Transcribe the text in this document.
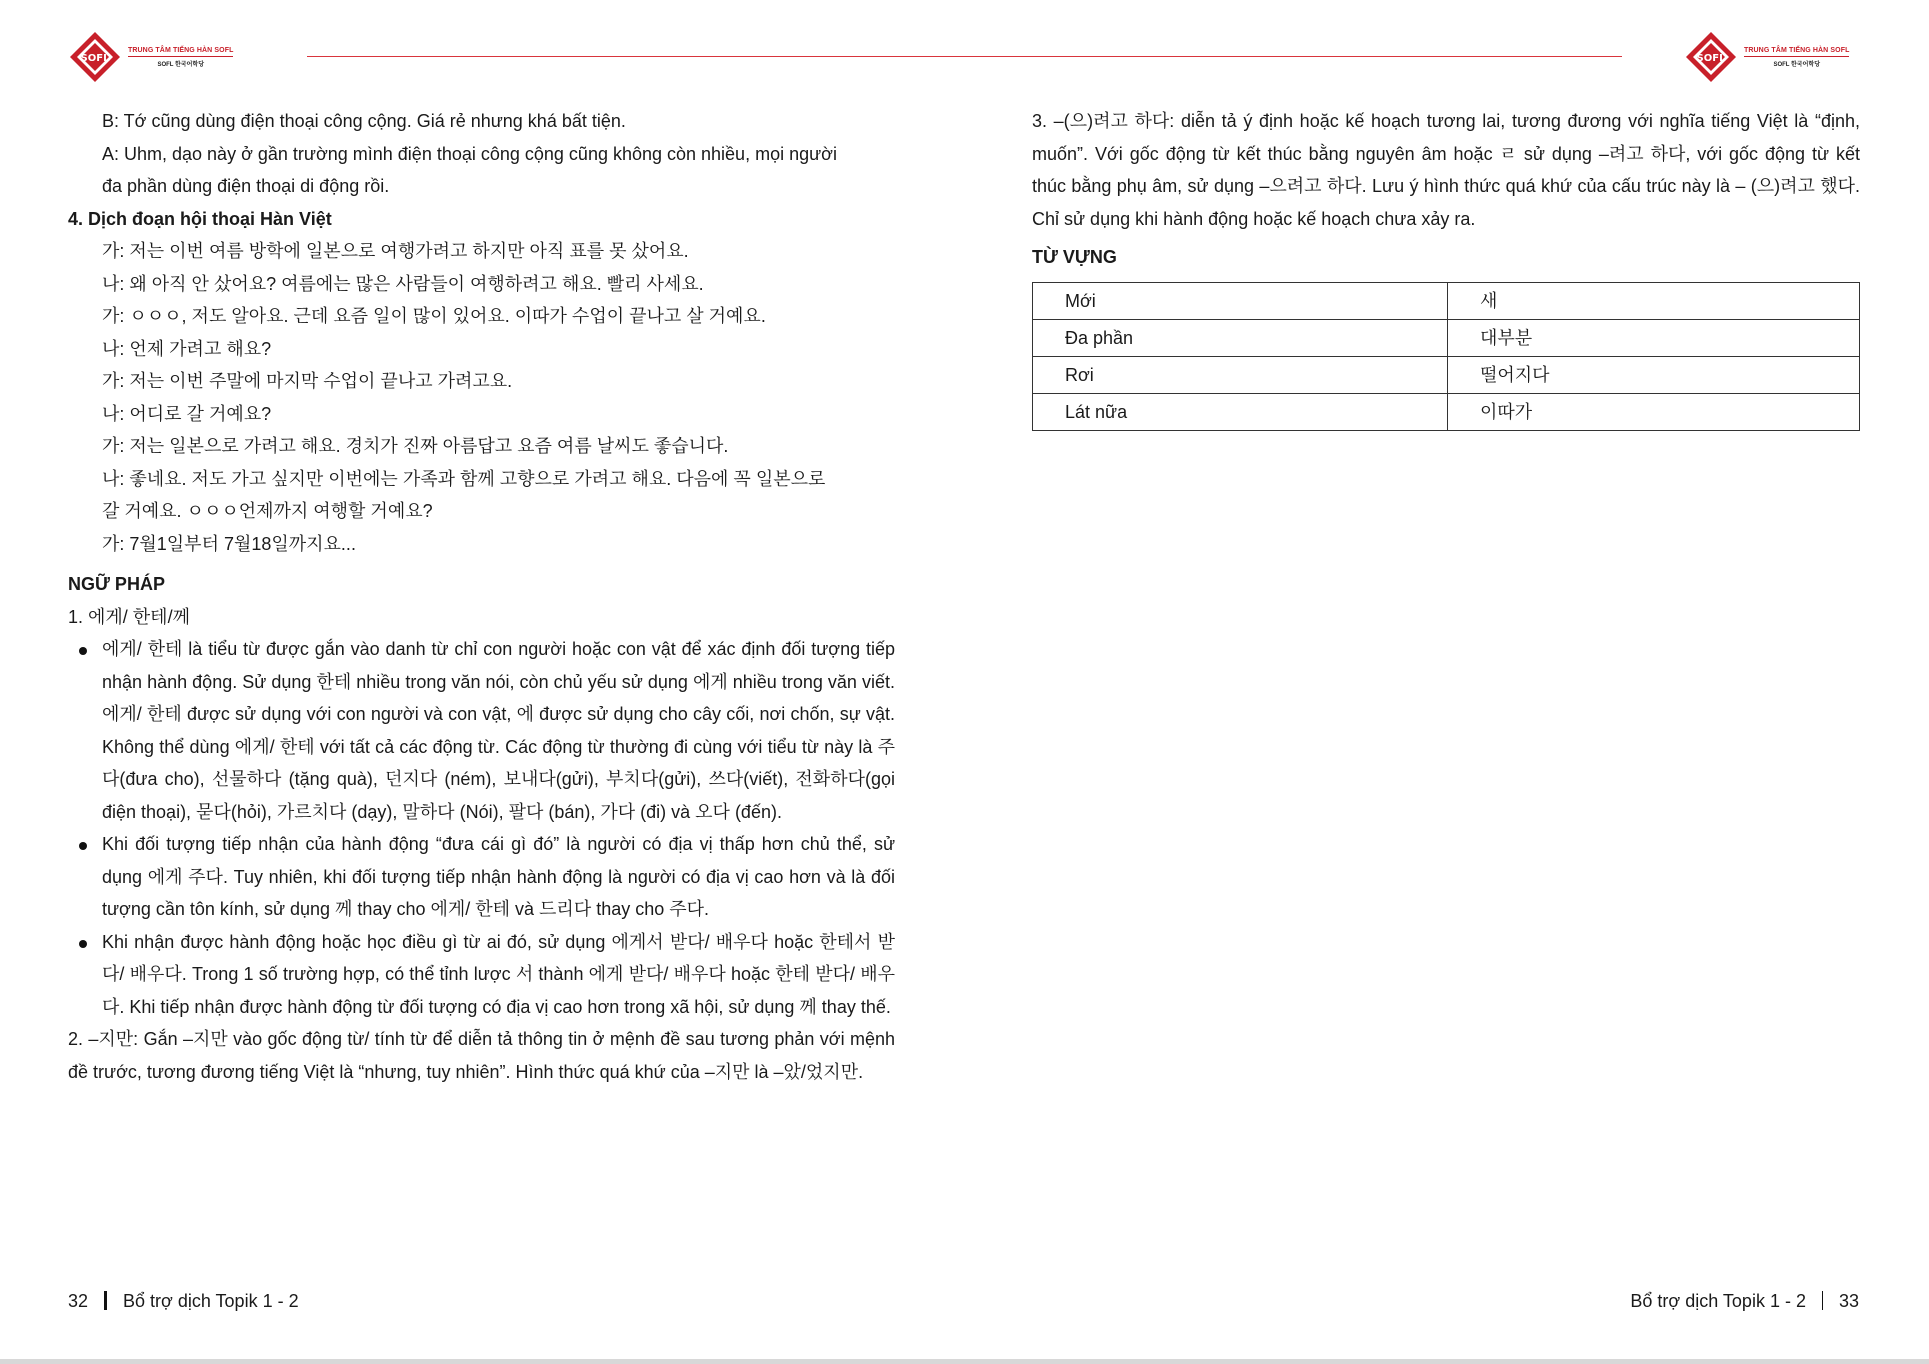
SOFL
TRUNG TÂM TIẾNG HÀN SOFL
SOFL 한국어학당
SOFL
TRUNG TÂM TIẾNG HÀN SOFL
SOFL 한국어학당
B: Tớ cũng dùng điện thoại công cộng. Giá rẻ nhưng khá bất tiện.
A: Uhm, dạo này ở gần trường mình điện thoại công cộng cũng không còn nhiều, mọi người
đa phần dùng điện thoại di động rồi.
4. Dịch đoạn hội thoại Hàn Việt
가: 저는 이번 여름 방학에 일본으로 여행가려고 하지만 아직 표를 못 샀어요.
나: 왜 아직 안 샀어요? 여름에는 많은 사람들이 여행하려고 해요. 빨리 사세요.
가: ㅇㅇㅇ, 저도 알아요. 근데 요즘 일이 많이 있어요. 이따가 수업이 끝나고 살 거예요.
나: 언제 가려고 해요?
가: 저는 이번 주말에 마지막 수업이 끝나고 가려고요.
나: 어디로 갈 거예요?
가: 저는 일본으로 가려고 해요. 경치가 진짜 아름답고 요즘 여름 날씨도 좋습니다.
나: 좋네요. 저도 가고 싶지만 이번에는 가족과 함께 고향으로 가려고 해요. 다음에 꼭 일본으로
갈 거예요. ㅇㅇㅇ언제까지 여행할 거예요?
가: 7월1일부터 7월18일까지요...
NGỮ PHÁP
1. 에게/ 한테/께
에게/ 한테 là tiểu từ được gắn vào danh từ chỉ con người hoặc con vật để xác định đối tượng tiếp nhận hành động. Sử dụng 한테 nhiều trong văn nói, còn chủ yếu sử dụng 에게 nhiều trong văn viết. 에게/ 한테 được sử dụng với con người và con vật, 에 được sử dụng cho cây cối, nơi chốn, sự vật. Không thể dùng 에게/ 한테 với tất cả các động từ. Các động từ thường đi cùng với tiểu từ này là 주다(đưa cho), 선물하다 (tặng quà), 던지다 (ném), 보내다(gửi), 부치다(gửi), 쓰다(viết), 전화하다(gọi điện thoại), 묻다(hỏi), 가르치다 (dạy), 말하다 (Nói), 팔다 (bán), 가다 (đi) và 오다 (đến).
Khi đối tượng tiếp nhận của hành động “đưa cái gì đó” là người có địa vị thấp hơn chủ thể, sử dụng 에게 주다. Tuy nhiên, khi đối tượng tiếp nhận hành động là người có địa vị cao hơn và là đối tượng cần tôn kính, sử dụng 께 thay cho 에게/ 한테 và 드리다 thay cho 주다.
Khi nhận được hành động hoặc học điều gì từ ai đó, sử dụng 에게서 받다/ 배우다 hoặc 한테서 받다/ 배우다. Trong 1 số trường hợp, có thể tỉnh lược 서 thành 에게 받다/ 배우다 hoặc 한테 받다/ 배우다. Khi tiếp nhận được hành động từ đối tượng có địa vị cao hơn trong xã hội, sử dụng 께 thay thế.
2. –지만: Gắn –지만 vào gốc động từ/ tính từ để diễn tả thông tin ở mệnh đề sau tương phản với mệnh đề trước, tương đương tiếng Việt là “nhưng, tuy nhiên”. Hình thức quá khứ của –지만 là –았/었지만.
3. –(으)려고 하다: diễn tả ý định hoặc kế hoạch tương lai, tương đương với nghĩa tiếng Việt là “định, muốn”. Với gốc động từ kết thúc bằng nguyên âm hoặc ㄹ sử dụng –려고 하다, với gốc động từ kết thúc bằng phụ âm, sử dụng –으려고 하다. Lưu ý hình thức quá khứ của cấu trúc này là – (으)려고 했다. Chỉ sử dụng khi hành động hoặc kế hoạch chưa xảy ra.
TỪ VỰNG
Mới	새
Đa phần	대부분
Rơi	떨어지다
Lát nữa	이따가
32 Bổ trợ dịch Topik 1 - 2	Bổ trợ dịch Topik 1 - 2 33
